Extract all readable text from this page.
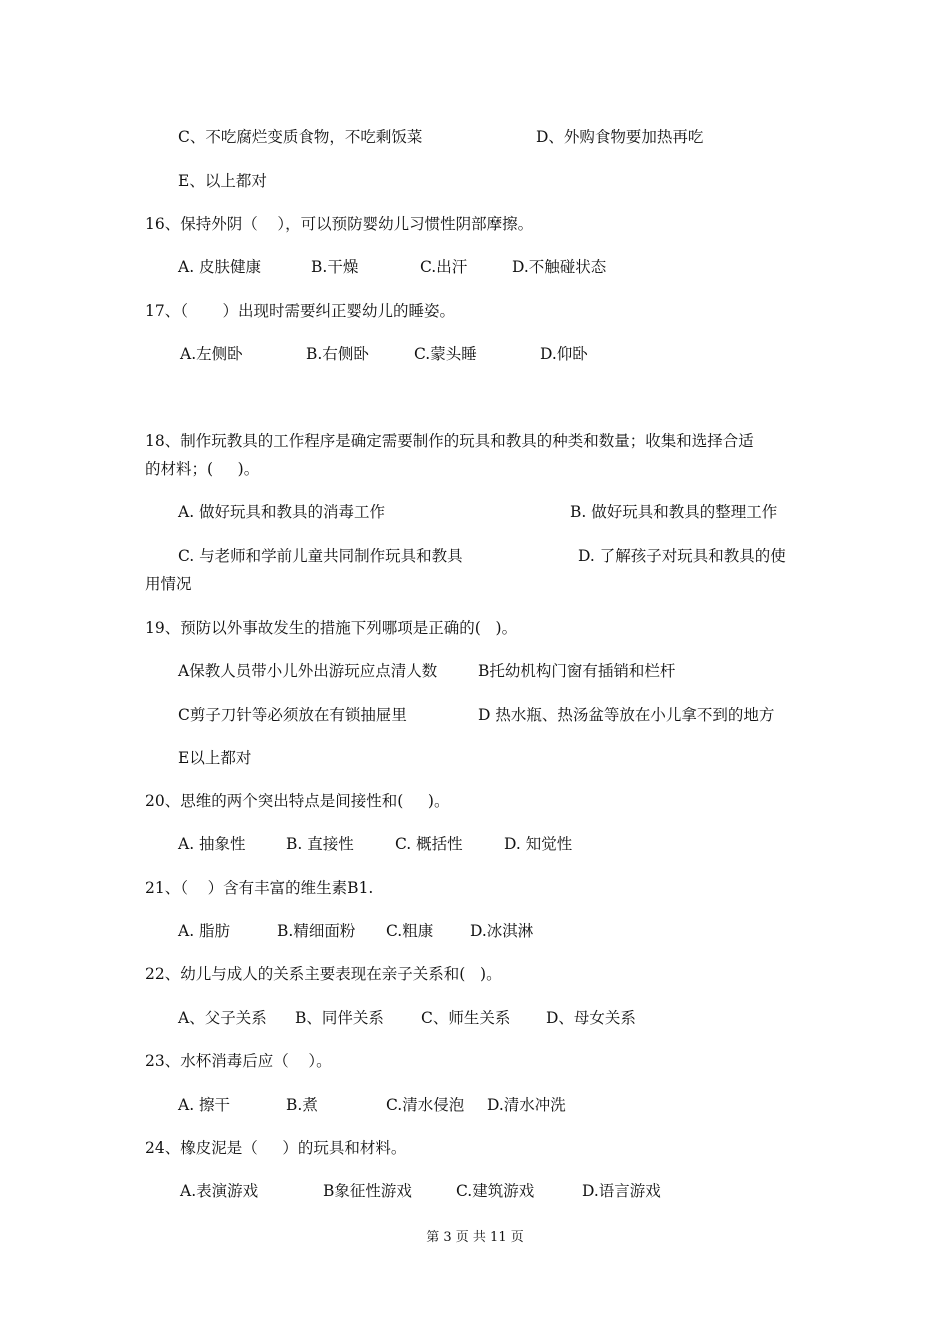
C、不吃腐烂变质食物，不吃剩饭菜	D、外购食物要加热再吃
E、以上都对
16、保持外阴（    ），可以预防婴幼儿习惯性阴部摩擦。
A. 皮肤健康	B.干燥	C.出汗	D.不触碰状态
17、（       ）出现时需要纠正婴幼儿的睡姿。
A.左侧卧	B.右侧卧	C.蒙头睡	D.仰卧
18、制作玩教具的工作程序是确定需要制作的玩具和教具的种类和数量；收集和选择合适
的材料；(     )。
A. 做好玩具和教具的消毒工作	B. 做好玩具和教具的整理工作
C. 与老师和学前儿童共同制作玩具和教具	D. 了解孩子对玩具和教具的使
用情况
19、预防以外事故发生的措施下列哪项是正确的(   )。
A保教人员带小儿外出游玩应点清人数	B托幼机构门窗有插销和栏杆
C剪子刀针等必须放在有锁抽屉里	D 热水瓶、热汤盆等放在小儿拿不到的地方
E以上都对
20、思维的两个突出特点是间接性和(     )。
A. 抽象性	B. 直接性	C. 概括性	D. 知觉性
21、（    ）含有丰富的维生素B1.
A. 脂肪	B.精细面粉 C.粗康 D.冰淇淋
22、幼儿与成人的关系主要表现在亲子关系和(   )。
A、父子关系 B、同伴关系 C、师生关系 D、母女关系
23、水杯消毒后应（    ）。
A. 擦干	B.煮	C.清水侵泡 D.清水冲洗
24、橡皮泥是（     ）的玩具和材料。
A.表演游戏	B象征性游戏	C.建筑游戏	D.语言游戏
第 3 页 共 11 页
